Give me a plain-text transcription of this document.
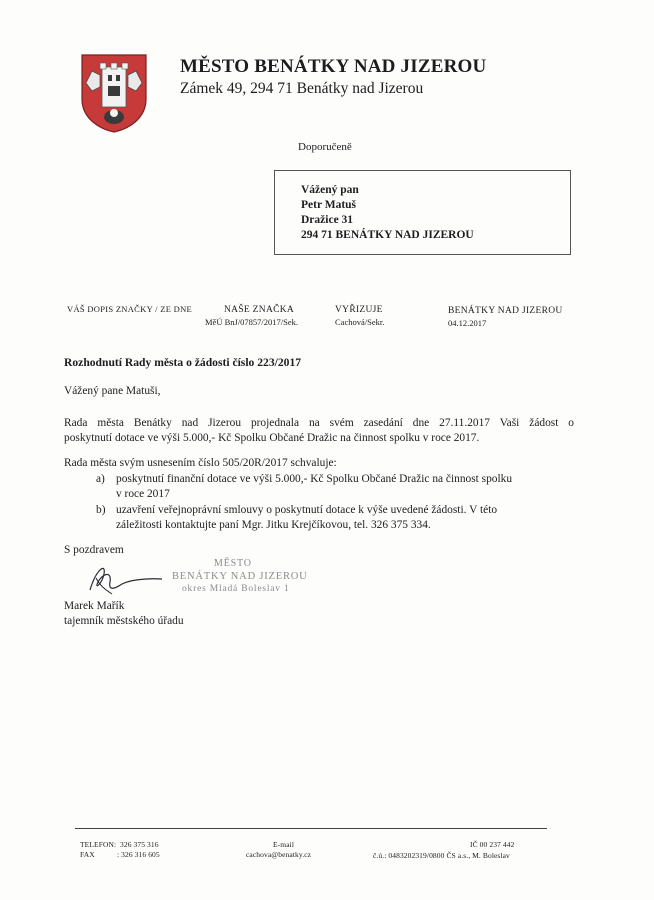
MĚSTO BENÁTKY NAD JIZEROU
Zámek 49, 294 71 Benátky nad Jizerou
Doporučeně
Vážený pan
Petr Matuš
Dražice 31
294 71 BENÁTKY NAD JIZEROU
VÁŠ DOPIS ZNAČKY / ZE DNE	NAŠE ZNAČKA
MěÚ BnJ/07857/2017/Sek.
VYŘIZUJE
Cachová/Sekr.
BENÁTKY NAD JIZEROU
04.12.2017
Rozhodnutí Rady města o žádosti číslo 223/2017
Vážený pane Matuši,
Rada města Benátky nad Jizerou projednala na svém zasedání dne 27.11.2017 Vaši žádost o
poskytnutí dotace ve výši 5.000,- Kč Spolku Občané Dražic na činnost spolku v roce 2017.
Rada města svým usnesením číslo 505/20R/2017 schvaluje:
a) poskytnutí finanční dotace ve výši 5.000,- Kč Spolku Občané Dražic na činnost spolku
v roce 2017
b) uzavření veřejnoprávní smlouvy o poskytnutí dotace k výše uvedené žádosti. V této
záležitosti kontaktujte paní Mgr. Jitku Krejčíkovou, tel. 326 375 334.
S pozdravem
MĚSTO
BENÁTKY NAD JIZEROU
okres Mladá Boleslav 1
Marek Mařík
tajemník městského úřadu
TELEFON: 326 375 316
FAX	: 326 316 605
E-mail
cachova@benatky.cz
IČ 00 237 442
č.ú.: 0483202319/0800 ČS a.s., M. Boleslav
